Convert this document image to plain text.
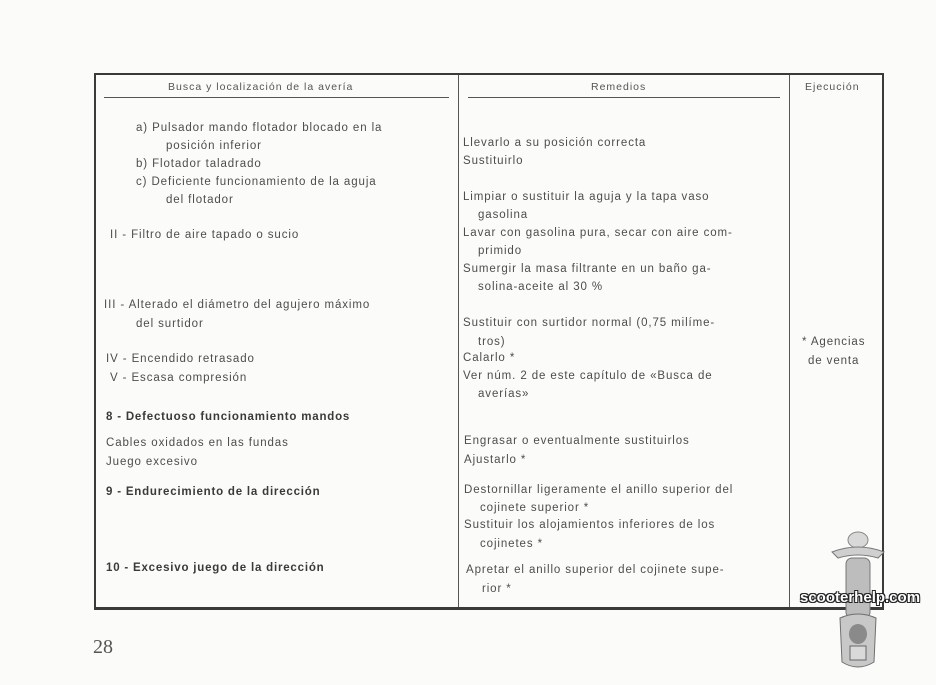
Busca y localización de la avería	Remedios	Ejecución
a) Pulsador mando flotador blocado en la
posición inferior
b) Flotador taladrado
c) Deficiente funcionamiento de la aguja
del flotador
II - Filtro de aire tapado o sucio
III - Alterado el diámetro del agujero máximo
del surtidor
IV - Encendido retrasado
V - Escasa compresión
8 - Defectuoso funcionamiento mandos
Cables oxidados en las fundas
Juego excesivo
9 - Endurecimiento de la dirección
10 - Excesivo juego de la dirección
Llevarlo a su posición correcta
Sustituirlo
Limpiar o sustituir la aguja y la tapa vaso
gasolina
Lavar con gasolina pura, secar con aire com-
primido
Sumergir la masa filtrante en un baño ga-
solina-aceite al 30 %
Sustituir con surtidor normal (0,75 milíme-
tros)
Calarlo *
Ver núm. 2 de este capítulo de «Busca de
averías»
Engrasar o eventualmente sustituirlos
Ajustarlo *
Destornillar ligeramente el anillo superior del
cojinete superior *
Sustituir los alojamientos inferiores de los
cojinetes *
Apretar el anillo superior del cojinete supe-
rior *
* Agencias
de venta
28
scooterhelp.com
